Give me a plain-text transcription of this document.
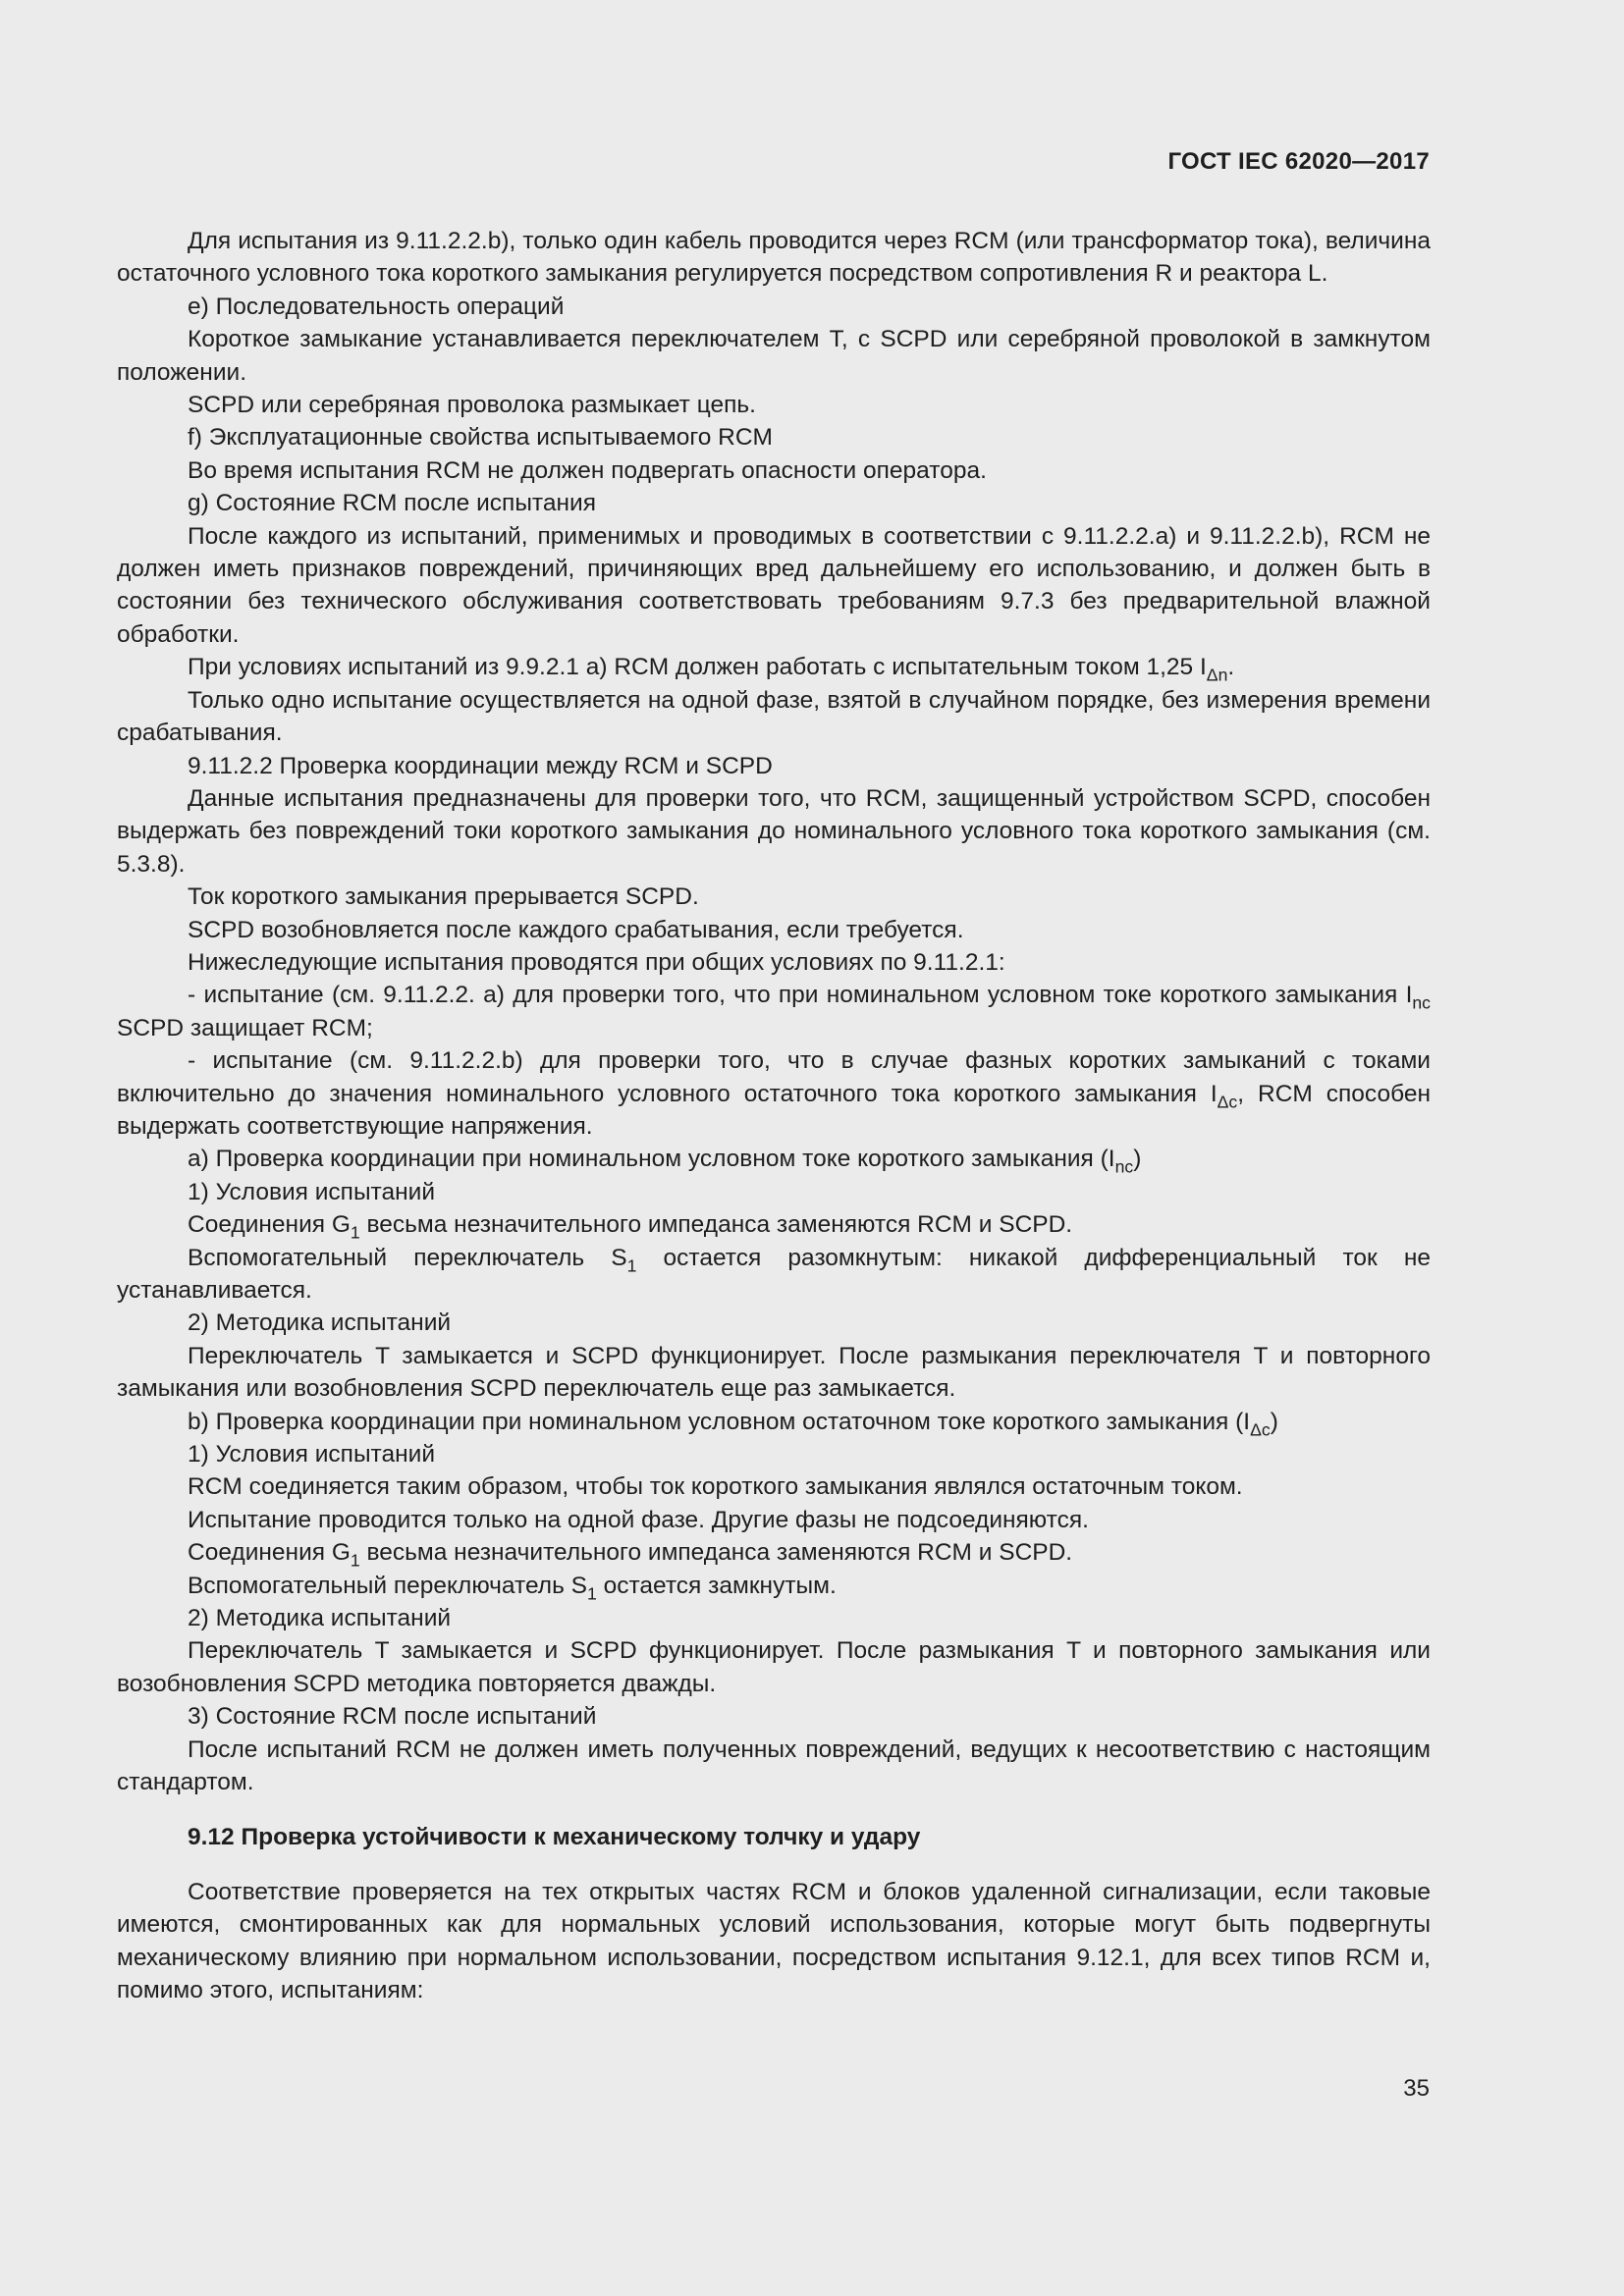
ГОСТ IEC 62020—2017

Для испытания из 9.11.2.2.b), только один кабель проводится через RCM (или трансформатор тока), величина остаточного условного тока короткого замыкания регулируется посредством сопротивления R и реактора L.

e) Последовательность операций

Короткое замыкание устанавливается переключателем T, c SCPD или серебряной проволокой в замкнутом положении.

SCPD или серебряная проволока размыкает цепь.

f) Эксплуатационные свойства испытываемого RCM

Во время испытания RCM не должен подвергать опасности оператора.

g) Состояние RCM после испытания

После каждого из испытаний, применимых и проводимых в соответствии с 9.11.2.2.a) и 9.11.2.2.b), RCM не должен иметь признаков повреждений, причиняющих вред дальнейшему его использованию, и должен быть в состоянии без технического обслуживания соответствовать требованиям 9.7.3 без предварительной влажной обработки.

При условиях испытаний из 9.9.2.1 a) RCM должен работать с испытательным током 1,25 $I_{\Delta n}$.

Только одно испытание осуществляется на одной фазе, взятой в случайном порядке, без измерения времени срабатывания.

9.11.2.2 Проверка координации между RCM и SCPD

Данные испытания предназначены для проверки того, что RCM, защищенный устройством SCPD, способен выдержать без повреждений токи короткого замыкания до номинального условного тока короткого замыкания (см. 5.3.8).

Ток короткого замыкания прерывается SCPD.

SCPD возобновляется после каждого срабатывания, если требуется.

Нижеследующие испытания проводятся при общих условиях по 9.11.2.1:

- испытание (см. 9.11.2.2. a) для проверки того, что при номинальном условном токе короткого замыкания $I_{nc}$ SCPD защищает RCM;

- испытание (см. 9.11.2.2.b) для проверки того, что в случае фазных коротких замыканий с токами включительно до значения номинального условного остаточного тока короткого замыкания $I_{\Delta c}$, RCM способен выдержать соответствующие напряжения.

a) Проверка координации при номинальном условном токе короткого замыкания $(I_{nc})$

1) Условия испытаний

Соединения $G_1$ весьма незначительного импеданса заменяются RCM и SCPD.

Вспомогательный переключатель $S_1$ остается разомкнутым: никакой дифференциальный ток не устанавливается.

2) Методика испытаний

Переключатель T замыкается и SCPD функционирует. После размыкания переключателя T и повторного замыкания или возобновления SCPD переключатель еще раз замыкается.

b) Проверка координации при номинальном условном остаточном токе короткого замыкания $(I_{\Delta c})$

1) Условия испытаний

RCM соединяется таким образом, чтобы ток короткого замыкания являлся остаточным током.

Испытание проводится только на одной фазе. Другие фазы не подсоединяются.

Соединения $G_1$ весьма незначительного импеданса заменяются RCM и SCPD.

Вспомогательный переключатель $S_1$ остается замкнутым.

2) Методика испытаний

Переключатель T замыкается и SCPD функционирует. После размыкания T и повторного замыкания или возобновления SCPD методика повторяется дважды.

3) Состояние RCM после испытаний

После испытаний RCM не должен иметь полученных повреждений, ведущих к несоответствию с настоящим стандартом.

9.12 Проверка устойчивости к механическому толчку и удару

Соответствие проверяется на тех открытых частях RCM и блоков удаленной сигнализации, если таковые имеются, смонтированных как для нормальных условий использования, которые могут быть подвергнуты механическому влиянию при нормальном использовании, посредством испытания 9.12.1, для всех типов RCM и, помимо этого, испытаниям:

35
